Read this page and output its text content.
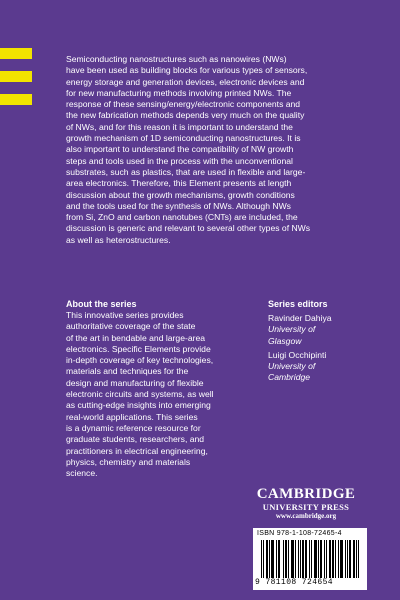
Semiconducting nanostructures such as nanowires (NWs)
have been used as building blocks for various types of sensors,
energy storage and generation devices, electronic devices and
for new manufacturing methods involving printed NWs. The
response of these sensing/energy/electronic components and
the new fabrication methods depends very much on the quality
of NWs, and for this reason it is important to understand the
growth mechanism of 1D semiconducting nanostructures. It is
also important to understand the compatibility of NW growth
steps and tools used in the process with the unconventional
substrates, such as plastics, that are used in flexible and large-
area electronics. Therefore, this Element presents at length
discussion about the growth mechanisms, growth conditions
and the tools used for the synthesis of NWs. Although NWs
from Si, ZnO and carbon nanotubes (CNTs) are included, the
discussion is generic and relevant to several other types of NWs
as well as heterostructures.
About the series
This innovative series provides
authoritative coverage of the state
of the art in bendable and large-area
electronics. Specific Elements provide
in-depth coverage of key technologies,
materials and techniques for the
design and manufacturing of flexible
electronic circuits and systems, as well
as cutting-edge insights into emerging
real-world applications. This series
is a dynamic reference resource for
graduate students, researchers, and
practitioners in electrical engineering,
physics, chemistry and materials
science.
Series editors
Ravinder Dahiya
University of
Glasgow
Luigi Occhipinti
University of
Cambridge
CAMBRIDGE
UNIVERSITY PRESS
www.cambridge.org
ISBN 978-1-108-72465-4
9 781108 724654
